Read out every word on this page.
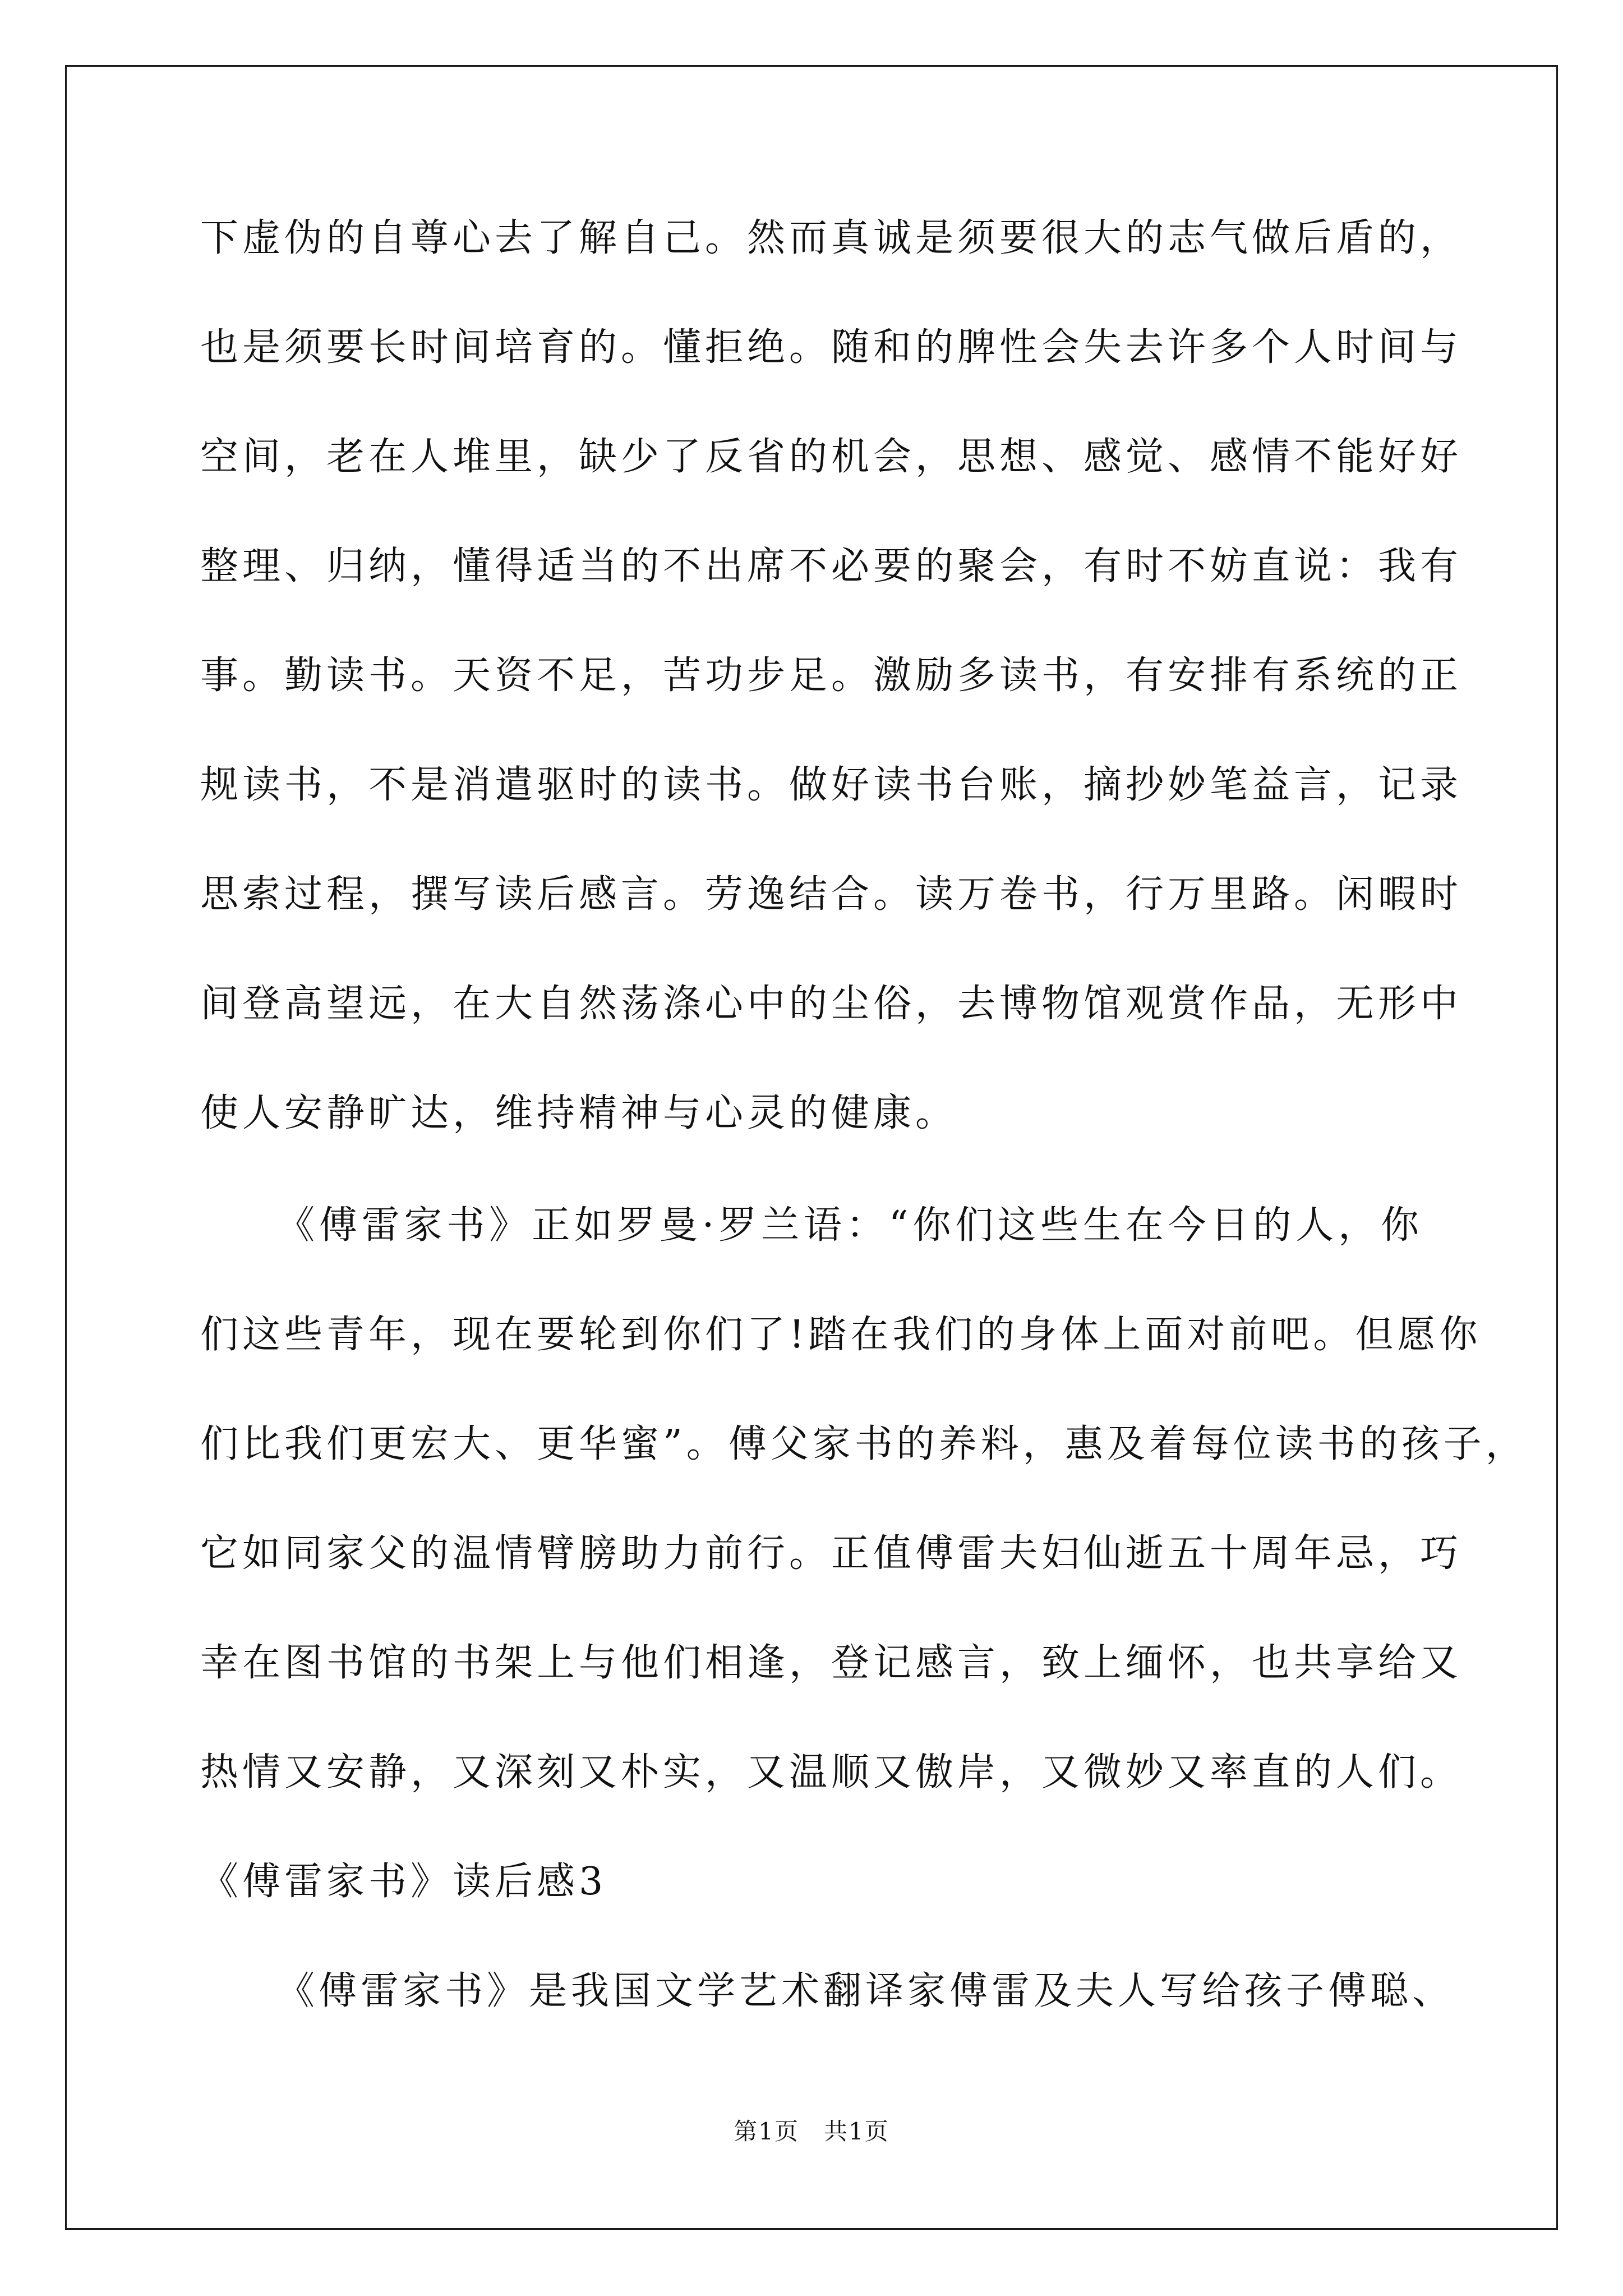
下虚伪的自尊心去了解自己。然而真诚是须要很大的志气做后盾的，
也是须要长时间培育的。懂拒绝。随和的脾性会失去许多个人时间与
空间，老在人堆里，缺少了反省的机会，思想、感觉、感情不能好好
整理、归纳，懂得适当的不出席不必要的聚会，有时不妨直说：我有
事。勤读书。天资不足，苦功步足。激励多读书，有安排有系统的正
规读书，不是消遣驱时的读书。做好读书台账，摘抄妙笔益言，记录
思索过程，撰写读后感言。劳逸结合。读万卷书，行万里路。闲暇时
间登高望远，在大自然荡涤心中的尘俗，去博物馆观赏作品，无形中
使人安静旷达，维持精神与心灵的健康。
《傅雷家书》正如罗曼·罗兰语：“你们这些生在今日的人，你
们这些青年，现在要轮到你们了!踏在我们的身体上面对前吧。但愿你
们比我们更宏大、更华蜜”。傅父家书的养料，惠及着每位读书的孩子，
它如同家父的温情臂膀助力前行。正值傅雷夫妇仙逝五十周年忌，巧
幸在图书馆的书架上与他们相逢，登记感言，致上缅怀，也共享给又
热情又安静，又深刻又朴实，又温顺又傲岸，又微妙又率直的人们。
《傅雷家书》读后感3
《傅雷家书》是我国文学艺术翻译家傅雷及夫人写给孩子傅聪、
第1页 共1页
